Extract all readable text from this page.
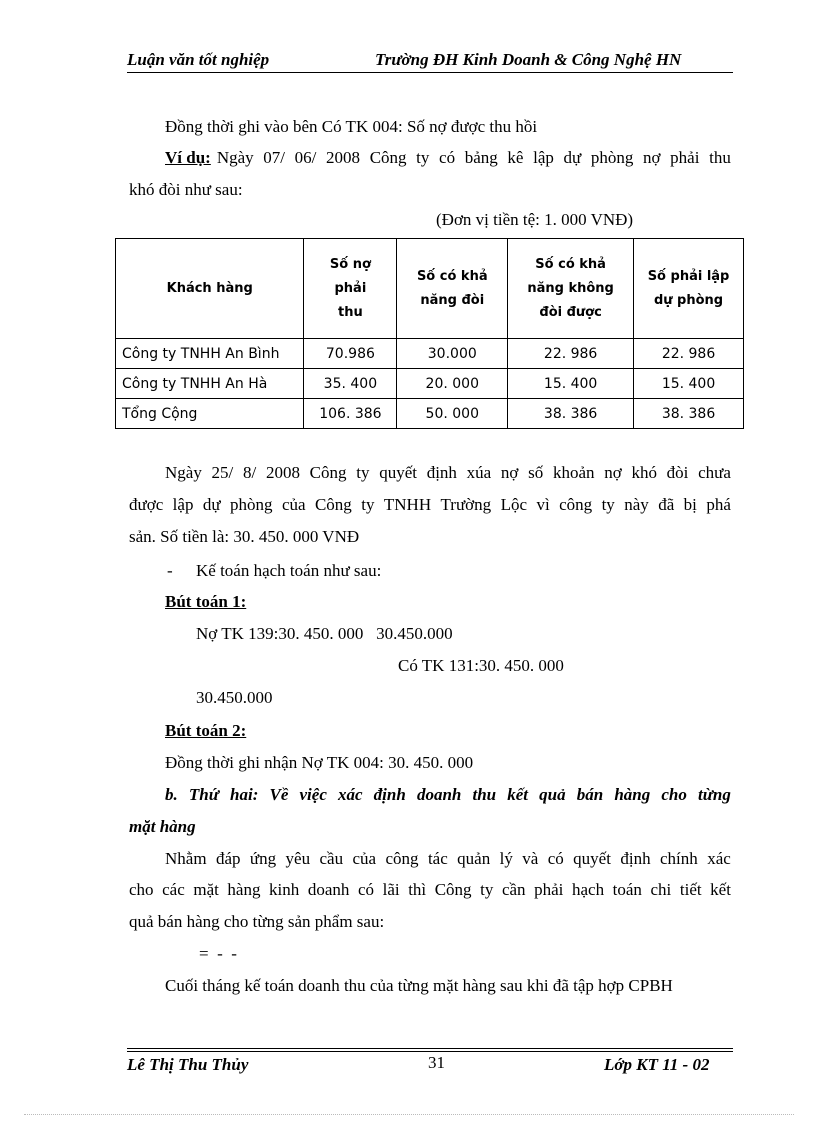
Luận văn tốt nghiệp	Trường ĐH Kinh Doanh & Công Nghệ HN
Đồng thời ghi vào bên Có TK 004: Số nợ được thu hồi
Ví dụ: Ngày 07/ 06/ 2008 Công ty có bảng kê lập dự phòng nợ phải thu
khó đòi như sau:
(Đơn vị tiền tệ: 1. 000 VNĐ)
Khách hàng	Số nợ phải thu	Số có khả năng đòi	Số có khả năng không đòi được	Số phải lập dự phòng
Công ty TNHH An Bình	70.986	30.000	22. 986	22. 986
Công ty TNHH An Hà	35. 400	20. 000	15. 400	15. 400
Tổng Cộng	106. 386	50. 000	38. 386	38. 386
Ngày 25/ 8/ 2008 Công ty quyết định xúa nợ số khoản nợ khó đòi chưa
được lập dự phòng của Công ty TNHH Trường Lộc vì công ty này đã bị phá
sản. Số tiền là: 30. 450. 000 VNĐ
- Kế toán hạch toán như sau:
Bút toán 1:
Nợ TK 139:30. 450. 000   30.450.000
Có TK 131:30. 450. 000
30.450.000
Bút toán 2:
Đồng thời ghi nhận Nợ TK 004: 30. 450. 000
b. Thứ hai: Về việc xác định doanh thu kết quả bán hàng cho từng
mặt hàng
Nhằm đáp ứng yêu cầu của công tác quản lý và có quyết định chính xác
cho các mặt hàng kinh doanh có lãi thì Công ty cần phải hạch toán chi tiết kết
quả bán hàng cho từng sản phẩm sau:
=  -  -
Cuối tháng kế toán doanh thu của từng mặt hàng sau khi đã tập hợp CPBH
Lê Thị Thu Thủy	31	Lớp KT 11 - 02
